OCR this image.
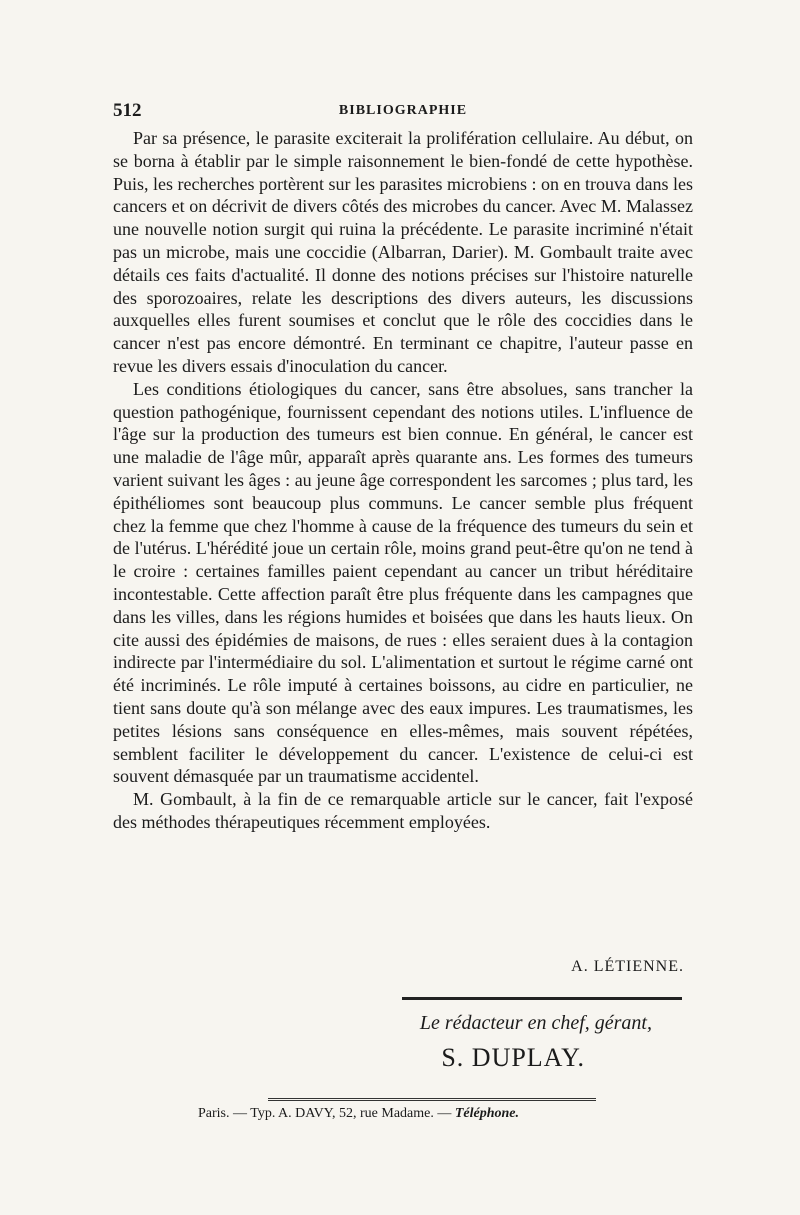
512	BIBLIOGRAPHIE

Par sa présence, le parasite exciterait la prolifération cellulaire. Au début, on se borna à établir par le simple raisonnement le bien-fondé de cette hypothèse. Puis, les recherches portèrent sur les parasites microbiens : on en trouva dans les cancers et on décrivit de divers côtés des microbes du cancer. Avec M. Malassez une nouvelle notion surgit qui ruina la précédente. Le parasite incriminé n'était pas un microbe, mais une coccidie (Albarran, Darier). M. Gombault traite avec détails ces faits d'actualité. Il donne des notions précises sur l'histoire naturelle des sporozoaires, relate les descriptions des divers auteurs, les discussions auxquelles elles furent soumises et conclut que le rôle des coccidies dans le cancer n'est pas encore démontré. En terminant ce chapitre, l'auteur passe en revue les divers essais d'inoculation du cancer.

Les conditions étiologiques du cancer, sans être absolues, sans trancher la question pathogénique, fournissent cependant des notions utiles. L'influence de l'âge sur la production des tumeurs est bien connue. En général, le cancer est une maladie de l'âge mûr, apparaît après quarante ans. Les formes des tumeurs varient suivant les âges : au jeune âge correspondent les sarcomes ; plus tard, les épithéliomes sont beaucoup plus communs. Le cancer semble plus fréquent chez la femme que chez l'homme à cause de la fréquence des tumeurs du sein et de l'utérus. L'hérédité joue un certain rôle, moins grand peut-être qu'on ne tend à le croire : certaines familles paient cependant au cancer un tribut héréditaire incontestable. Cette affection paraît être plus fréquente dans les campagnes que dans les villes, dans les régions humides et boisées que dans les hauts lieux. On cite aussi des épidémies de maisons, de rues : elles seraient dues à la contagion indirecte par l'intermédiaire du sol. L'alimentation et surtout le régime carné ont été incriminés. Le rôle imputé à certaines boissons, au cidre en particulier, ne tient sans doute qu'à son mélange avec des eaux impures. Les traumatismes, les petites lésions sans conséquence en elles-mêmes, mais souvent répétées, semblent faciliter le développement du cancer. L'existence de celui-ci est souvent démasquée par un traumatisme accidentel.

M. Gombault, à la fin de ce remarquable article sur le cancer, fait l'exposé des méthodes thérapeutiques récemment employées.

A. LÉTIENNE.
Le rédacteur en chef, gérant,
S. DUPLAY.
Paris. — Typ. A. DAVY, 52, rue Madame. — Téléphone.
